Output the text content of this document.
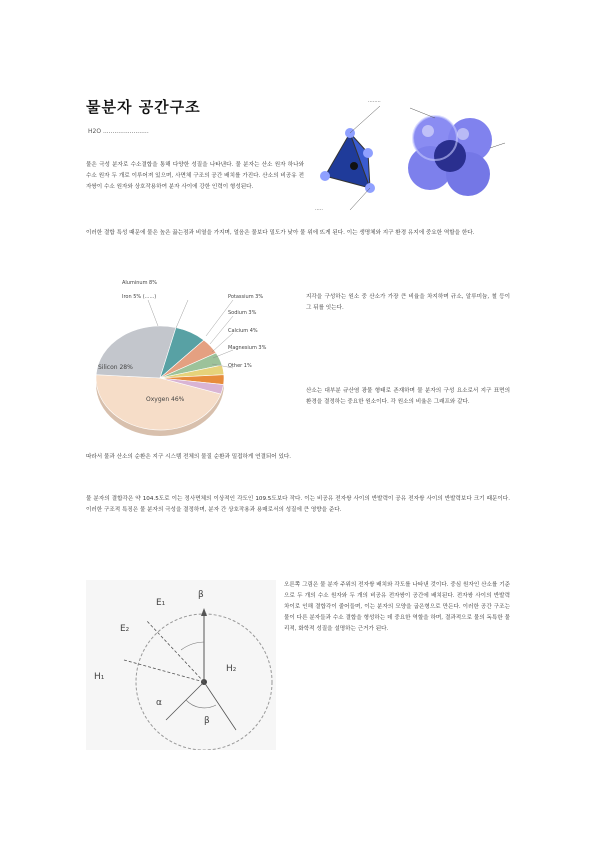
물분자 공간구조
H2O ........................
........
.....
물은 극성 분자로 수소결합을 통해 다양한 성질을 나타낸다. 물 분자는 산소 원자 하나와 수소 원자 두 개로 이루어져 있으며, 사면체 구조의 공간 배치를 가진다. 산소의 비공유 전자쌍이 수소 원자와 상호작용하여 분자 사이에 강한 인력이 형성된다.
이러한 결합 특성 때문에 물은 높은 끓는점과 비열을 가지며, 얼음은 물보다 밀도가 낮아 물 위에 뜨게 된다. 이는 생명체와 지구 환경 유지에 중요한 역할을 한다.
Oxygen 46%
Silicon 28%
Aluminum 8%
Iron 5% (......)	Potassium 3%
Sodium 3%
Calcium 4%
Magnesium 3%
Other 1%
지각을 구성하는 원소 중 산소가 가장 큰 비율을 차지하며 규소, 알루미늄, 철 등이 그 뒤를 잇는다.
산소는 대부분 규산염 광물 형태로 존재하며 물 분자의 구성 요소로서 지구 표면의 환경을 결정하는 중요한 원소이다. 각 원소의 비율은 그래프와 같다.
따라서 물과 산소의 순환은 지구 시스템 전체의 물질 순환과 밀접하게 연결되어 있다.
물 분자의 결합각은 약 104.5도로 이는 정사면체의 이상적인 각도인 109.5도보다 작다. 이는 비공유 전자쌍 사이의 반발력이 공유 전자쌍 사이의 반발력보다 크기 때문이다. 이러한 구조적 특징은 물 분자의 극성을 결정하며, 분자 간 상호작용과 용매로서의 성질에 큰 영향을 준다.
E₁
E₂
H₁
H₂
β
α
β
오른쪽 그림은 물 분자 주위의 전자쌍 배치와 각도를 나타낸 것이다. 중심 원자인 산소를 기준으로 두 개의 수소 원자와 두 개의 비공유 전자쌍이 공간에 배치된다. 전자쌍 사이의 반발력 차이로 인해 결합각이 줄어들며, 이는 분자의 모양을 굽은형으로 만든다. 이러한 공간 구조는 물이 다른 분자들과 수소 결합을 형성하는 데 중요한 역할을 하며, 결과적으로 물의 독특한 물리적, 화학적 성질을 설명하는 근거가 된다.
